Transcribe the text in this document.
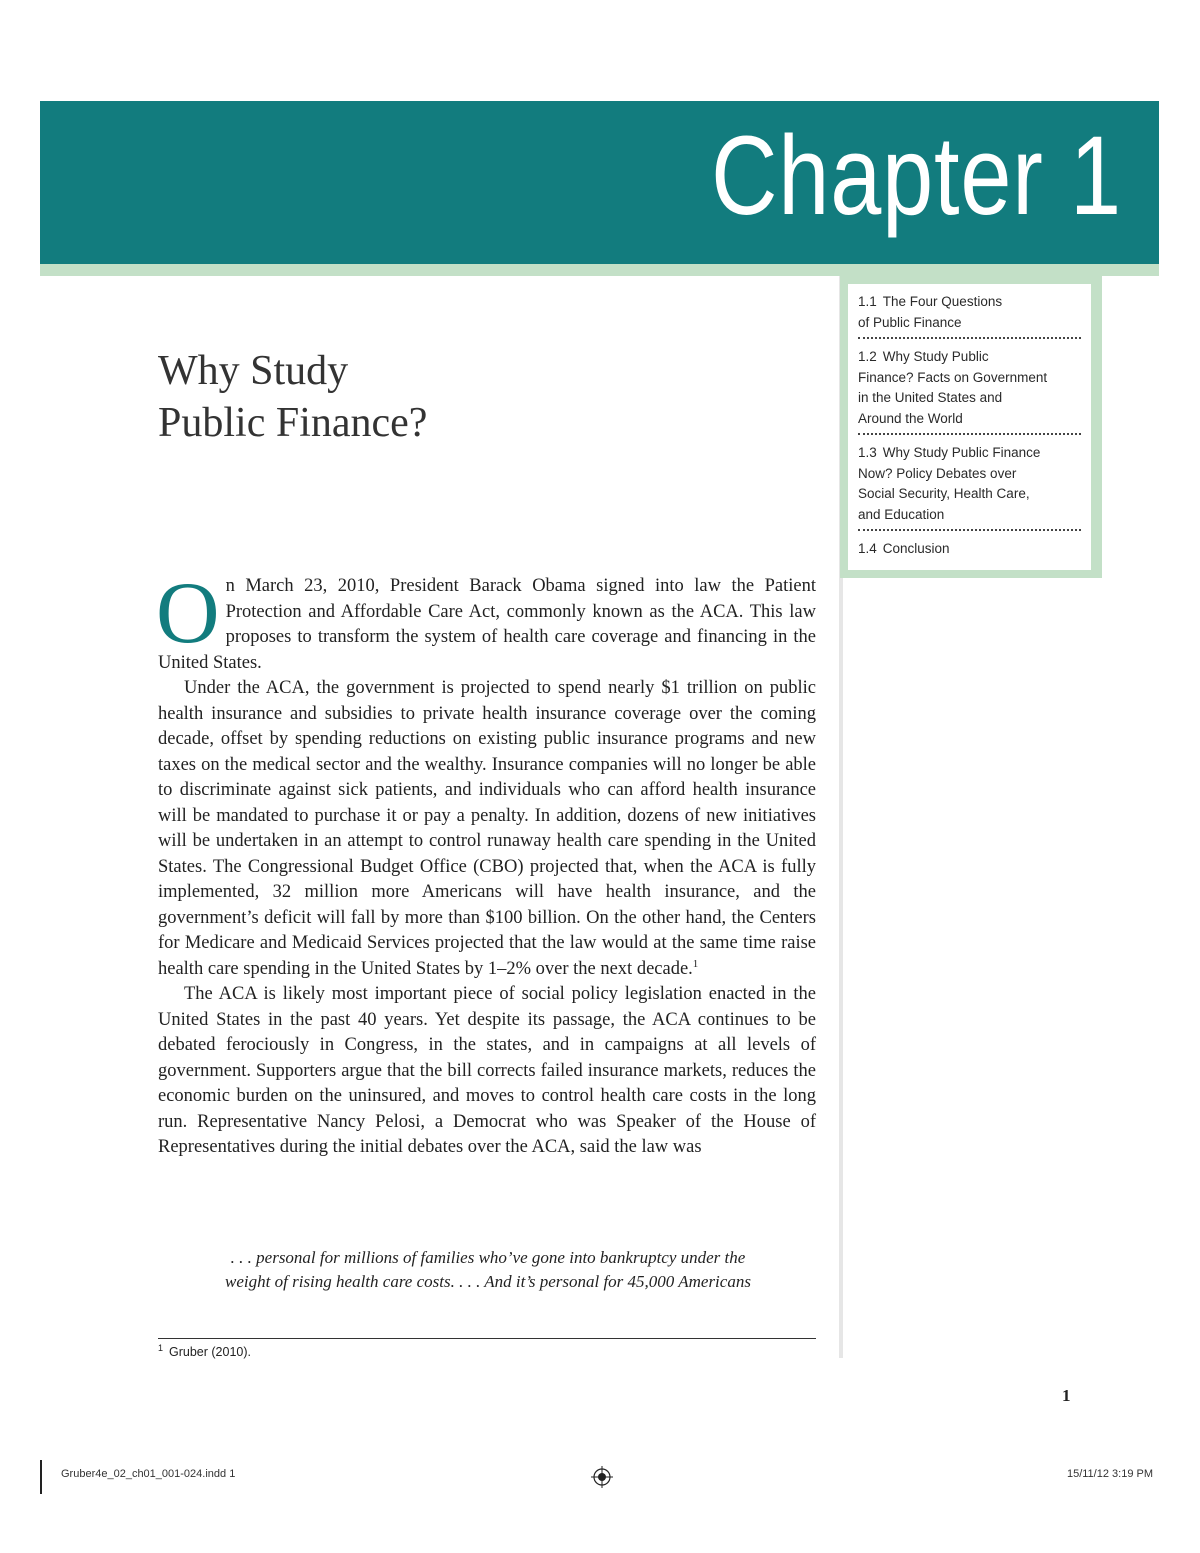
Chapter 1
1.1 The Four Questions
of Public Finance
1.2 Why Study Public
Finance? Facts on Government
in the United States and
Around the World
1.3 Why Study Public Finance
Now? Policy Debates over
Social Security, Health Care,
and Education
1.4 Conclusion
Why Study
Public Finance?

On March 23, 2010, President Barack Obama signed into law the Patient Protection and Affordable Care Act, commonly known as the ACA. This law proposes to transform the system of health care coverage and financing in the United States.

Under the ACA, the government is projected to spend nearly $1 trillion on public health insurance and subsidies to private health insurance coverage over the coming decade, offset by spending reductions on existing public insurance programs and new taxes on the medical sector and the wealthy. Insurance companies will no longer be able to discriminate against sick patients, and individuals who can afford health insurance will be mandated to purchase it or pay a penalty. In addition, dozens of new initiatives will be undertaken in an attempt to control runaway health care spending in the United States. The Congressional Budget Office (CBO) projected that, when the ACA is fully implemented, 32 million more Americans will have health insurance, and the government’s deficit will fall by more than $100 billion. On the other hand, the Centers for Medicare and Medicaid Services projected that the law would at the same time raise health care spending in the United States by 1–2% over the next decade.$^1$

The ACA is likely most important piece of social policy legislation enacted in the United States in the past 40 years. Yet despite its passage, the ACA continues to be debated ferociously in Congress, in the states, and in campaigns at all levels of government. Supporters argue that the bill corrects failed insurance markets, reduces the economic burden on the uninsured, and moves to control health care costs in the long run. Representative Nancy Pelosi, a Democrat who was Speaker of the House of Representatives during the initial debates over the ACA, said the law was

. . . personal for millions of families who’ve gone into bankruptcy under the
weight of rising health care costs. . . . And it’s personal for 45,000 Americans
$^1$ Gruber (2010).
1
Gruber4e_02_ch01_001-024.indd 1	15/11/12 3:19 PM
